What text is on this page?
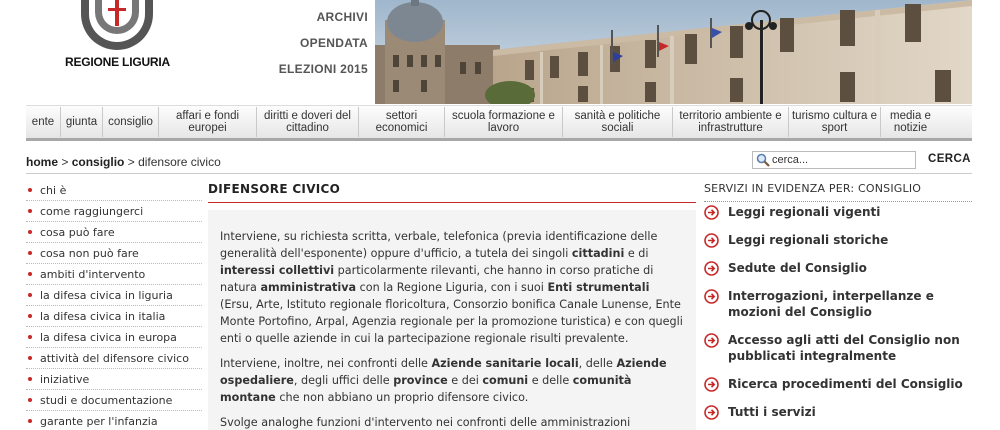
REGIONE LIGURIA
ARCHIVI
OPENDATA
ELEZIONI 2015
ente	giunta consiglio	affari e fondi europei
diritti e doveri del cittadino
settori economici
scuola formazione e lavoro
sanità e politiche sociali
territorio ambiente e infrastrutture
turismo cultura e sport
media e notizie
home > consiglio > difensore civico
cerca...	CERCA
chi è
come raggiungerci
cosa può fare
cosa non può fare
ambiti d'intervento
la difesa civica in liguria
la difesa civica in italia
la difesa civica in europa
attività del difensore civico
iniziative
studi e documentazione
garante per l'infanzia
DIFENSORE CIVICO

Interviene, su richiesta scritta, verbale, telefonica (previa identificazione delle generalità dell'esponente) oppure d'ufficio, a tutela dei singoli cittadini e di interessi collettivi particolarmente rilevanti, che hanno in corso pratiche di natura amministrativa con la Regione Liguria, con i suoi Enti strumentali (Ersu, Arte, Istituto regionale floricoltura, Consorzio bonifica Canale Lunense, Ente Monte Portofino, Arpal, Agenzia regionale per la promozione turistica) e con quegli enti o quelle aziende in cui la partecipazione regionale risulti prevalente.

Interviene, inoltre, nei confronti delle Aziende sanitarie locali, delle Aziende ospedaliere, degli uffici delle province e dei comuni e delle comunità montane che non abbiano un proprio difensore civico.

Svolge analoghe funzioni d'intervento nei confronti delle amministrazioni

SERVIZI IN EVIDENZA PER: CONSIGLIO
Leggi regionali vigenti
Leggi regionali storiche
Sedute del Consiglio
Interrogazioni, interpellanze e mozioni del Consiglio
Accesso agli atti del Consiglio non pubblicati integralmente
Ricerca procedimenti del Consiglio
Tutti i servizi
